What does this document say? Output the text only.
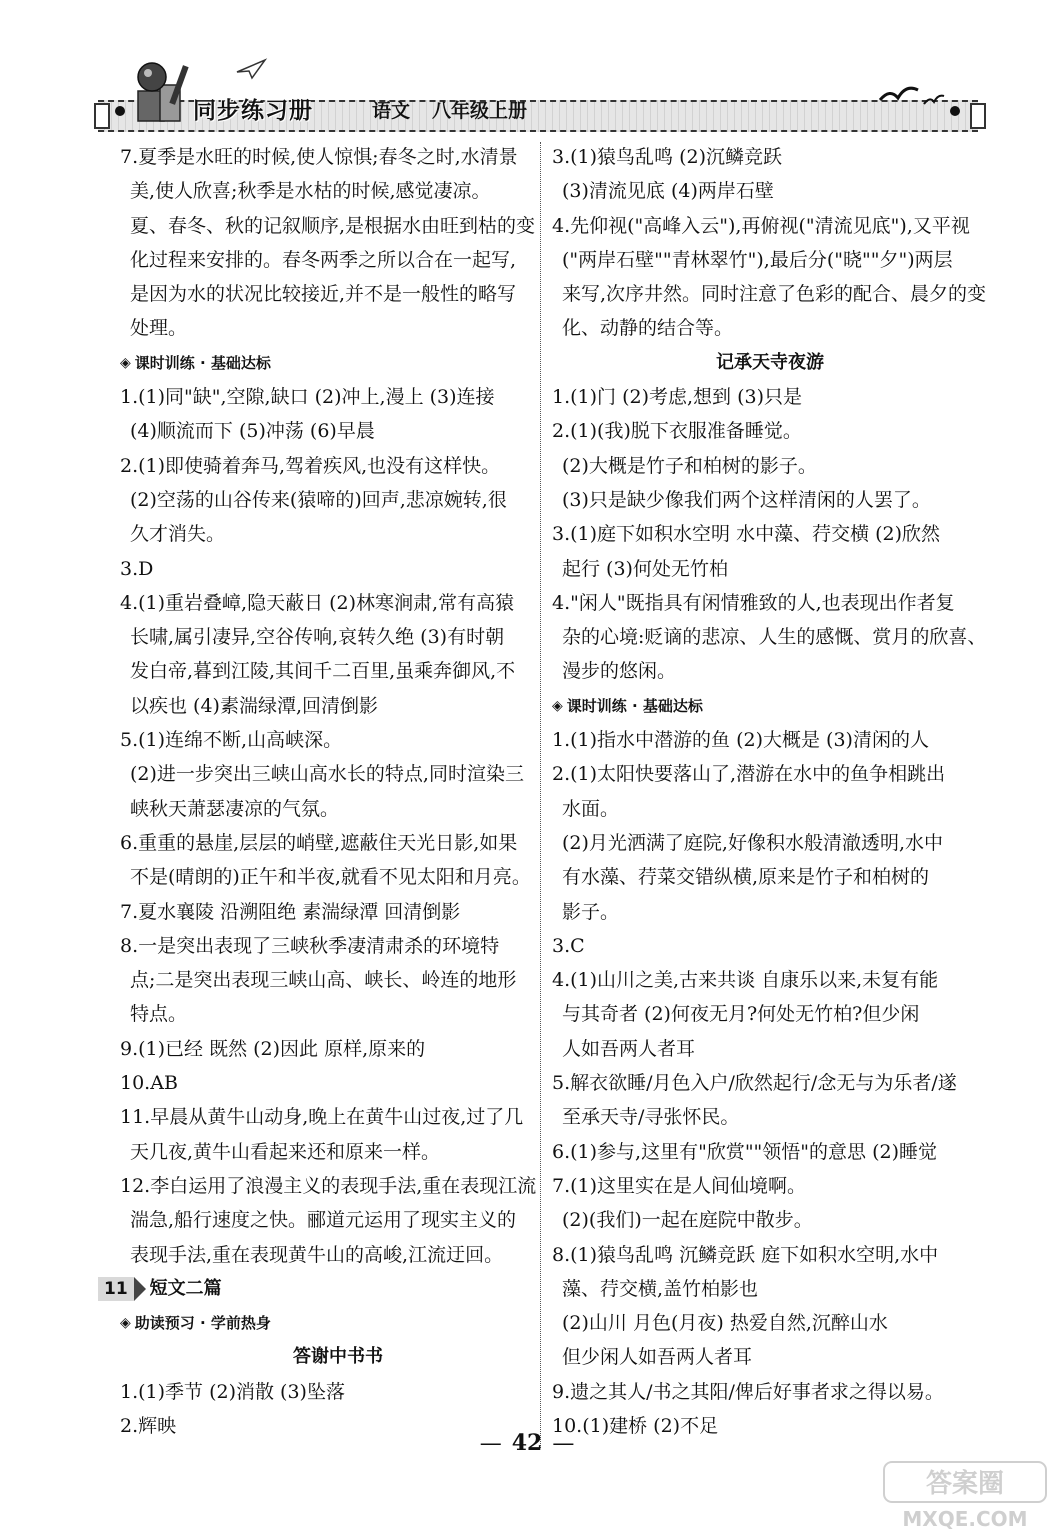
同步练习册	语文 八年级上册
7.夏季是水旺的时候,使人惊惧;春冬之时,水清景
美,使人欣喜;秋季是水枯的时候,感觉凄凉。
夏、春冬、秋的记叙顺序,是根据水由旺到枯的变
化过程来安排的。春冬两季之所以合在一起写,
是因为水的状况比较接近,并不是一般性的略写
处理。
◈ 课时训练 · 基础达标
1.(1)同"缺",空隙,缺口 (2)冲上,漫上 (3)连接
(4)顺流而下 (5)冲荡 (6)早晨
2.(1)即使骑着奔马,驾着疾风,也没有这样快。
(2)空荡的山谷传来(猿啼的)回声,悲凉婉转,很
久才消失。
3.D
4.(1)重岩叠嶂,隐天蔽日 (2)林寒涧肃,常有高猿
长啸,属引凄异,空谷传响,哀转久绝 (3)有时朝
发白帝,暮到江陵,其间千二百里,虽乘奔御风,不
以疾也 (4)素湍绿潭,回清倒影
5.(1)连绵不断,山高峡深。
(2)进一步突出三峡山高水长的特点,同时渲染三
峡秋天萧瑟凄凉的气氛。
6.重重的悬崖,层层的峭壁,遮蔽住天光日影,如果
不是(晴朗的)正午和半夜,就看不见太阳和月亮。
7.夏水襄陵 沿溯阻绝 素湍绿潭 回清倒影
8.一是突出表现了三峡秋季凄清肃杀的环境特
点;二是突出表现三峡山高、峡长、岭连的地形
特点。
9.(1)已经 既然 (2)因此 原样,原来的
10.AB
11.早晨从黄牛山动身,晚上在黄牛山过夜,过了几
天几夜,黄牛山看起来还和原来一样。
12.李白运用了浪漫主义的表现手法,重在表现江流
湍急,船行速度之快。郦道元运用了现实主义的
表现手法,重在表现黄牛山的高峻,江流迂回。
11	短文二篇
◈ 助读预习 · 学前热身
答谢中书书
1.(1)季节 (2)消散 (3)坠落
2.辉映
3.(1)猿鸟乱鸣 (2)沉鳞竞跃
(3)清流见底 (4)两岸石壁
4.先仰视("高峰入云"),再俯视("清流见底"),又平视
("两岸石壁""青林翠竹"),最后分("晓""夕")两层
来写,次序井然。同时注意了色彩的配合、晨夕的变
化、动静的结合等。
记承天寺夜游
1.(1)门 (2)考虑,想到 (3)只是
2.(1)(我)脱下衣服准备睡觉。
(2)大概是竹子和柏树的影子。
(3)只是缺少像我们两个这样清闲的人罢了。
3.(1)庭下如积水空明 水中藻、荇交横 (2)欣然
起行 (3)何处无竹柏
4."闲人"既指具有闲情雅致的人,也表现出作者复
杂的心境:贬谪的悲凉、人生的感慨、赏月的欣喜、
漫步的悠闲。
◈ 课时训练 · 基础达标
1.(1)指水中潜游的鱼 (2)大概是 (3)清闲的人
2.(1)太阳快要落山了,潜游在水中的鱼争相跳出
水面。
(2)月光洒满了庭院,好像积水般清澈透明,水中
有水藻、荇菜交错纵横,原来是竹子和柏树的
影子。
3.C
4.(1)山川之美,古来共谈 自康乐以来,未复有能
与其奇者 (2)何夜无月?何处无竹柏?但少闲
人如吾两人者耳
5.解衣欲睡/月色入户/欣然起行/念无与为乐者/遂
至承天寺/寻张怀民。
6.(1)参与,这里有"欣赏""领悟"的意思 (2)睡觉
7.(1)这里实在是人间仙境啊。
(2)(我们)一起在庭院中散步。
8.(1)猿鸟乱鸣 沉鳞竞跃 庭下如积水空明,水中
藻、荇交横,盖竹柏影也
(2)山川 月色(月夜) 热爱自然,沉醉山水
但少闲人如吾两人者耳
9.遗之其人/书之其阳/俾后好事者求之得以易。
10.(1)建桥 (2)不足
— 42 —
答案圈
MXQE.COM
